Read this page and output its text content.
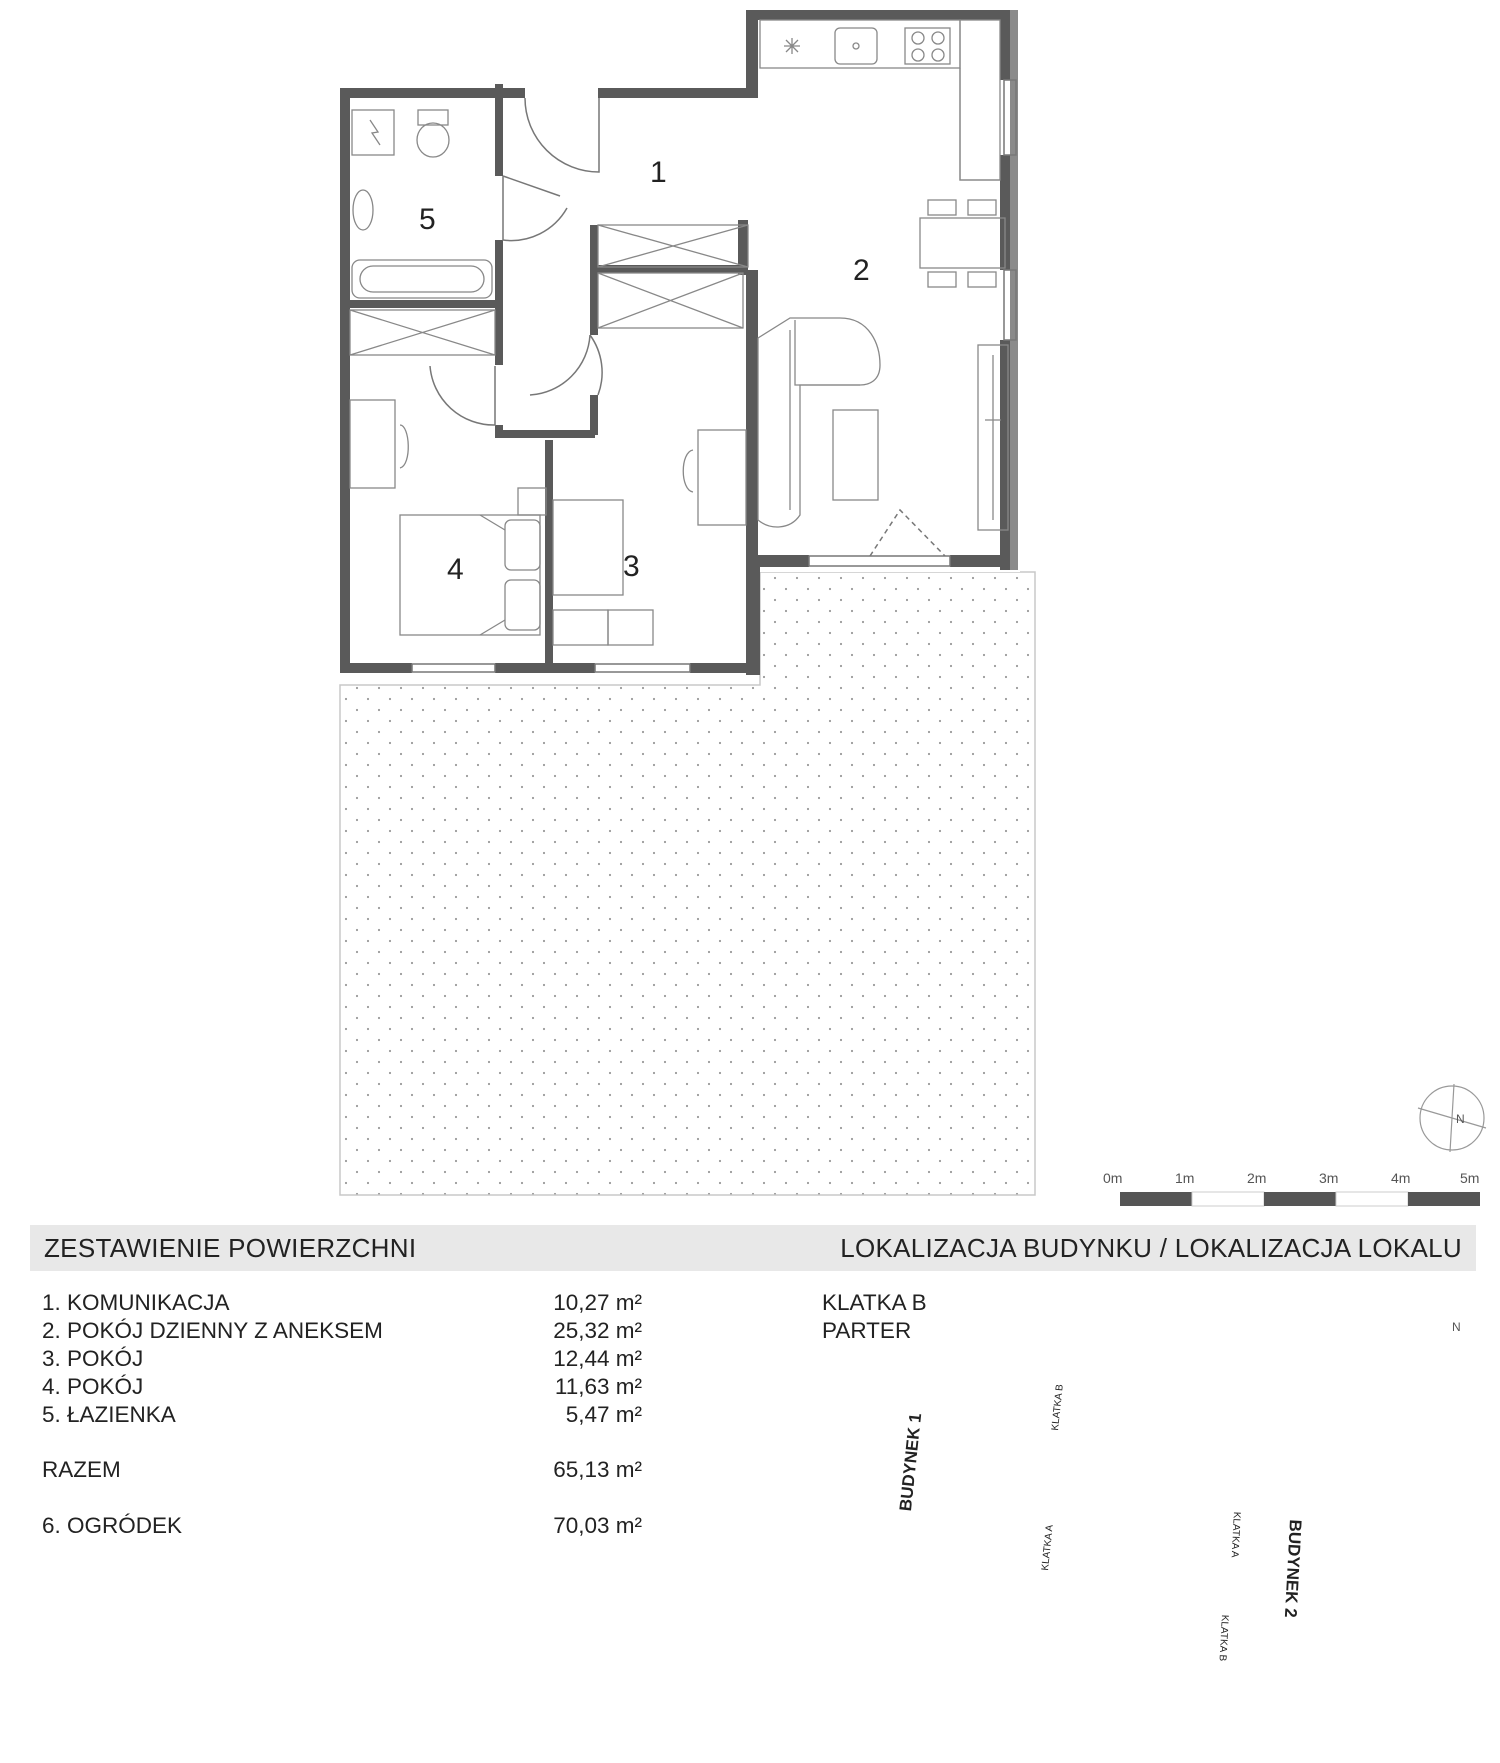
1
2
3
4
5
0m	1m	2m	3m	4m	5m
N
N
ZESTAWIENIE POWIERZCHNI	LOKALIZACJA BUDYNKU / LOKALIZACJA LOKALU
1. KOMUNIKACJA	10,27 m²
2. POKÓJ DZIENNY Z ANEKSEM	25,32 m²
3. POKÓJ	12,44 m²
4. POKÓJ	11,63 m²
5. ŁAZIENKA	5,47 m²
RAZEM	65,13 m²
6. OGRÓDEK	70,03 m²
KLATKA B
PARTER
BUDYNEK 1
BUDYNEK 2
KLATKA B
KLATKA A	KLATKA A
KLATKA B
